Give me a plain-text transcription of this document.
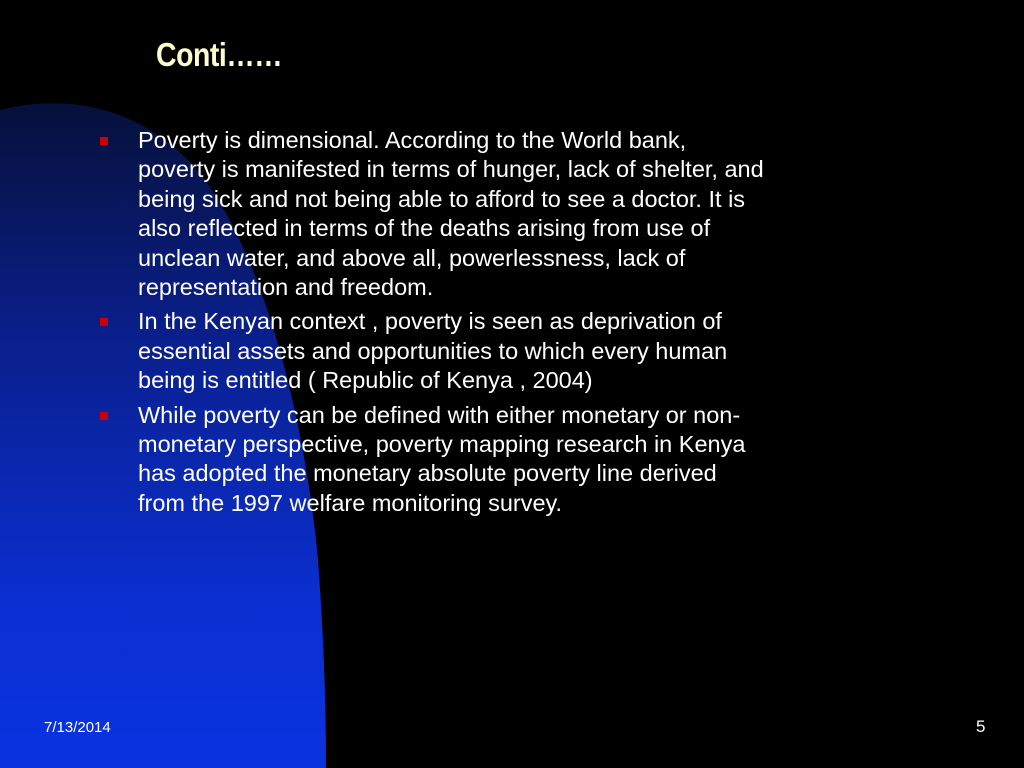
Conti……
Poverty is dimensional. According to the World bank, poverty is manifested in terms of hunger, lack of shelter, and being sick and not being able to afford to see a doctor. It is also reflected in terms of the deaths arising from use of unclean water, and above all, powerlessness, lack of representation and freedom.
In the Kenyan context , poverty is seen as deprivation of essential assets and opportunities to which every human being is entitled ( Republic of Kenya , 2004)
While poverty can be defined with either monetary or non-monetary perspective, poverty mapping research in Kenya has adopted the monetary absolute poverty line derived from the 1997 welfare monitoring survey.
7/13/2014	5
